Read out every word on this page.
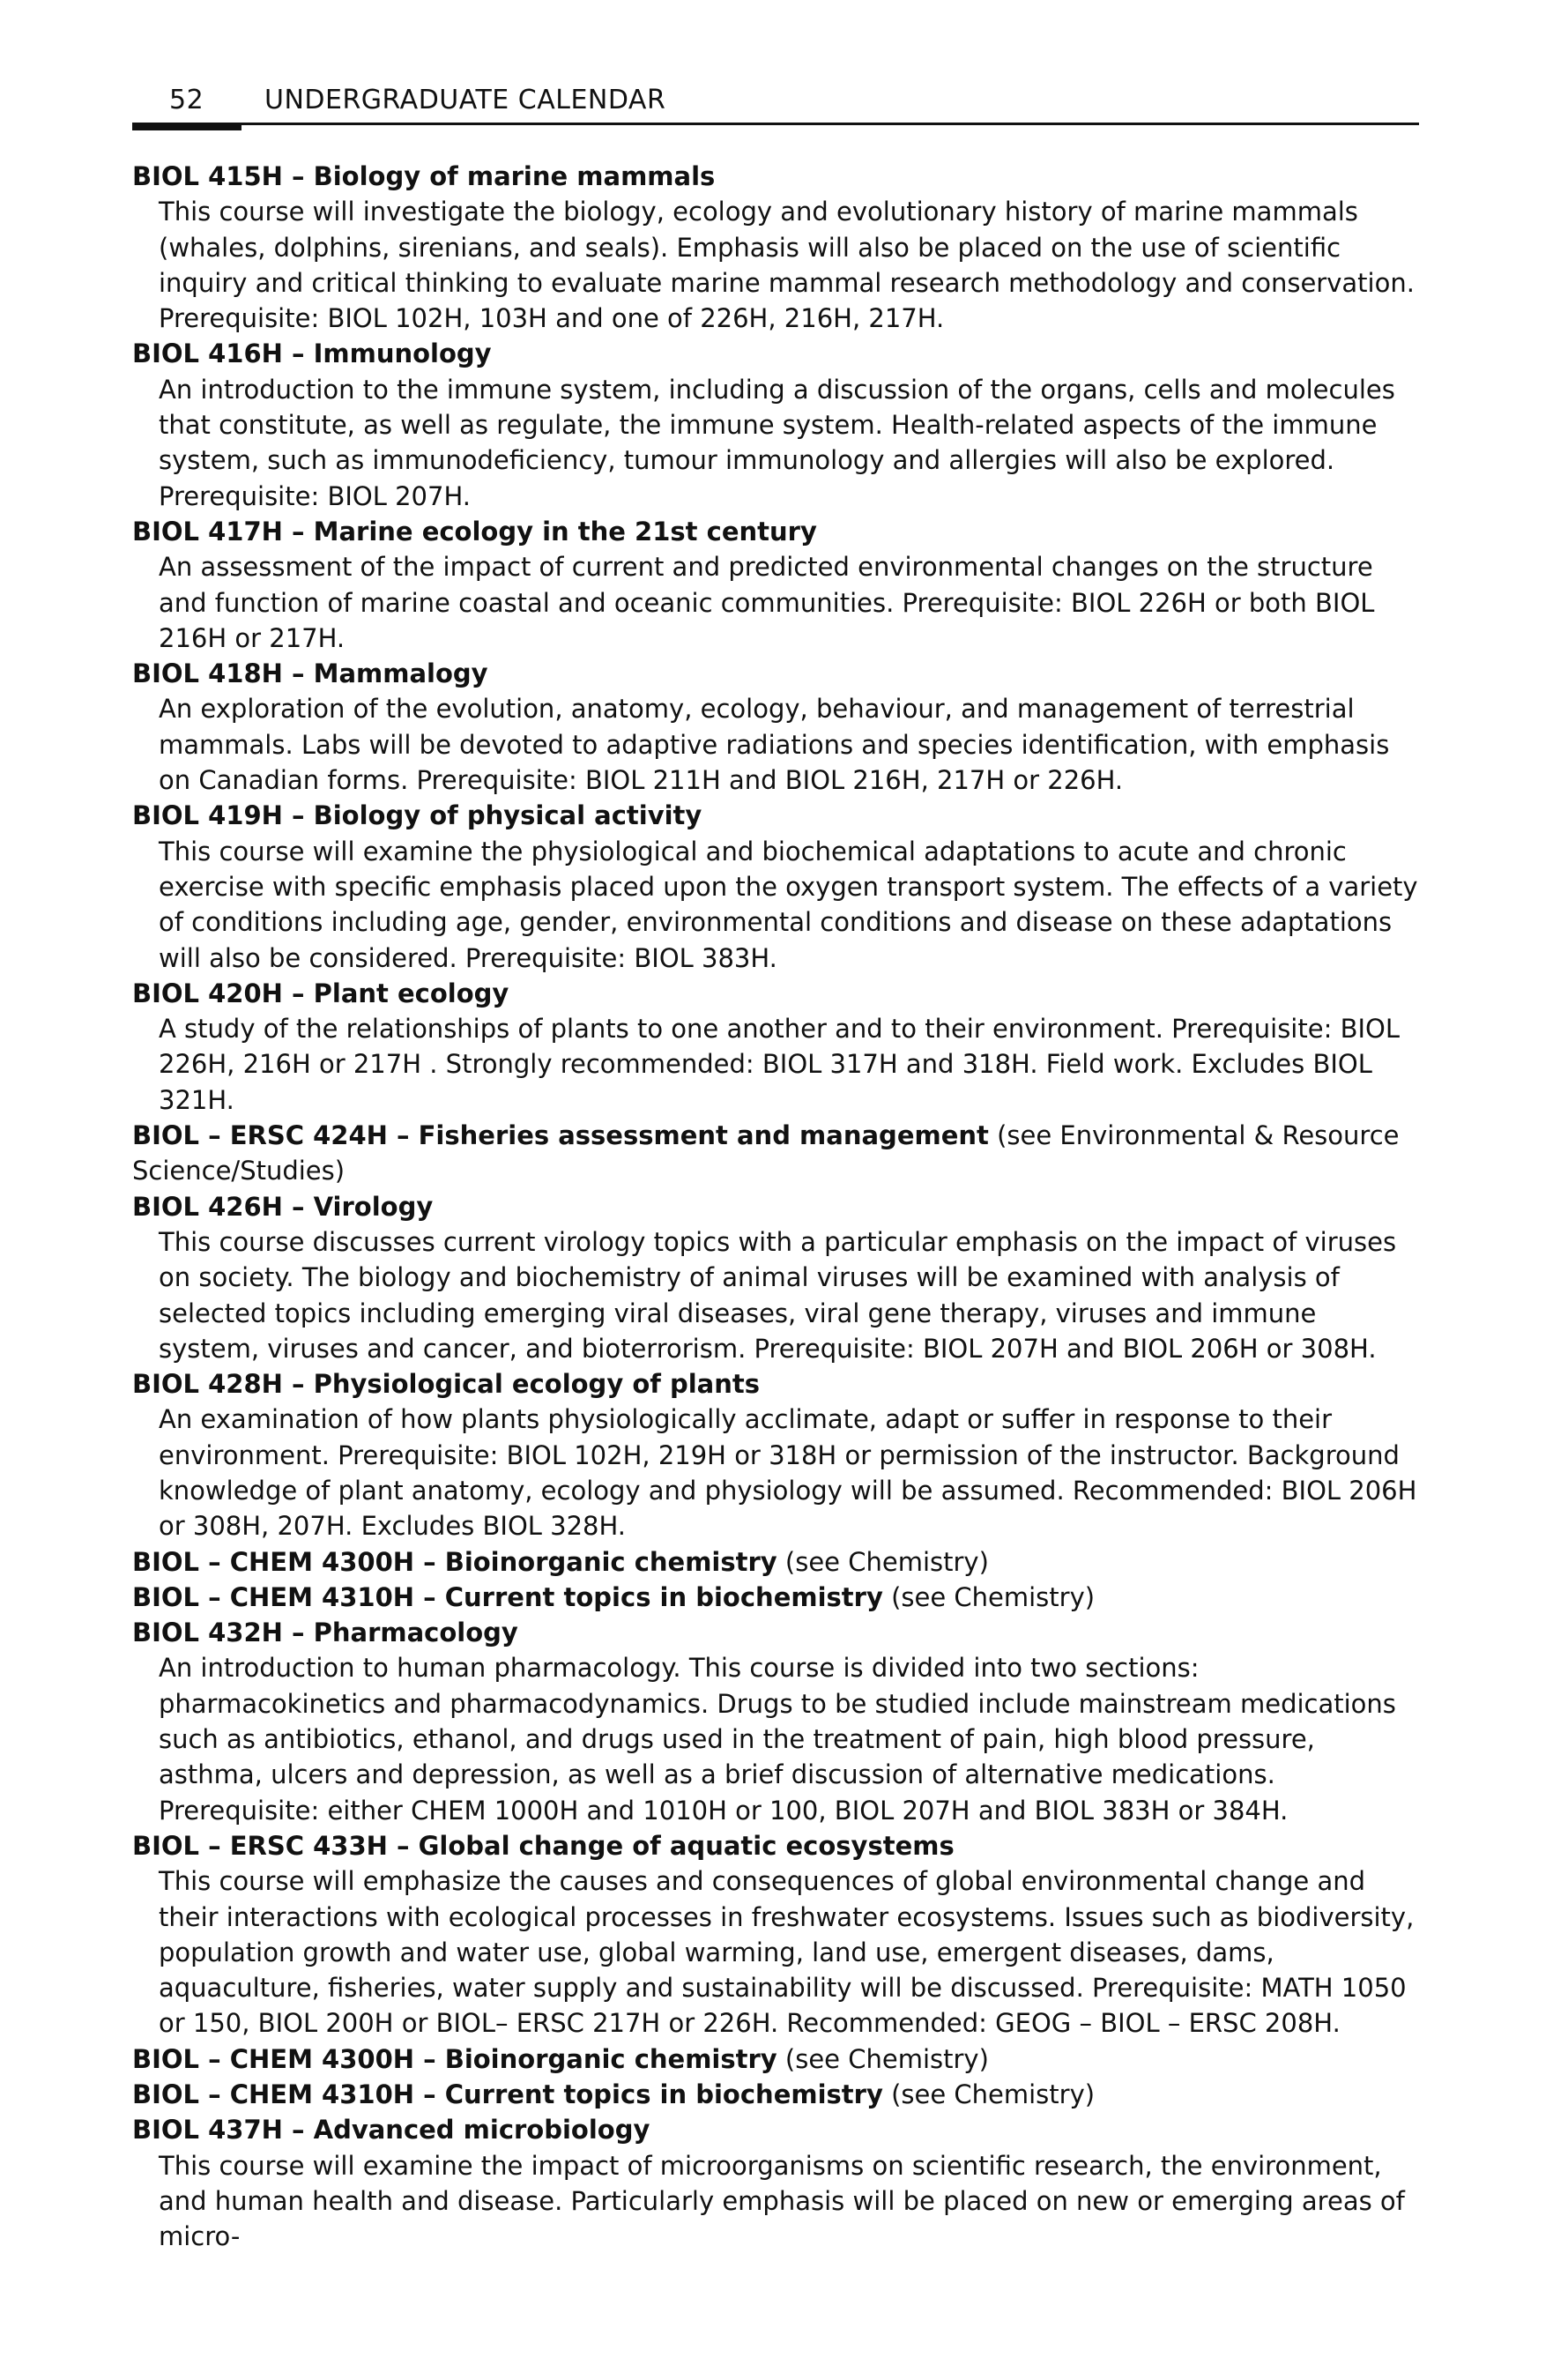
52 UNDERGRADUATE CALENDAR

BIOL 415H – Biology of marine mammals

This course will investigate the biology, ecology and evolutionary history of marine mammals (whales, dolphins, sirenians, and seals). Emphasis will also be placed on the use of scientific inquiry and critical thinking to evaluate marine mammal research methodology and conservation. Prerequisite: BIOL 102H, 103H and one of 226H, 216H, 217H.

BIOL 416H – Immunology

An introduction to the immune system, including a discussion of the organs, cells and molecules that constitute, as well as regulate, the immune system. Health-related aspects of the immune system, such as immunodeficiency, tumour immunology and allergies will also be explored. Prerequisite: BIOL 207H.

BIOL 417H – Marine ecology in the 21st century

An assessment of the impact of current and predicted environmental changes on the structure and function of marine coastal and oceanic communities. Prerequisite: BIOL 226H or both BIOL 216H or 217H.

BIOL 418H – Mammalogy

An exploration of the evolution, anatomy, ecology, behaviour, and management of terrestrial mammals. Labs will be devoted to adaptive radiations and species identification, with emphasis on Canadian forms. Prerequisite: BIOL 211H and BIOL 216H, 217H or 226H.

BIOL 419H – Biology of physical activity

This course will examine the physiological and biochemical adaptations to acute and chronic exercise with specific emphasis placed upon the oxygen transport system. The effects of a variety of conditions including age, gender, environmental conditions and disease on these adaptations will also be considered. Prerequisite: BIOL 383H.

BIOL 420H – Plant ecology

A study of the relationships of plants to one another and to their environment. Prerequisite: BIOL 226H, 216H or 217H . Strongly recommended: BIOL 317H and 318H. Field work. Excludes BIOL 321H.

BIOL – ERSC 424H – Fisheries assessment and management (see Environmental & Resource Science/Studies)

BIOL 426H – Virology

This course discusses current virology topics with a particular emphasis on the impact of viruses on society. The biology and biochemistry of animal viruses will be examined with analysis of selected topics including emerging viral diseases, viral gene therapy, viruses and immune system, viruses and cancer, and bioterrorism. Prerequisite: BIOL 207H and BIOL 206H or 308H.

BIOL 428H – Physiological ecology of plants

An examination of how plants physiologically acclimate, adapt or suffer in response to their environment. Prerequisite: BIOL 102H, 219H or 318H or permission of the instructor. Background knowledge of plant anatomy, ecology and physiology will be assumed. Recommended: BIOL 206H or 308H, 207H. Excludes BIOL 328H.

BIOL – CHEM 4300H – Bioinorganic chemistry (see Chemistry)

BIOL – CHEM 4310H – Current topics in biochemistry (see Chemistry)

BIOL 432H – Pharmacology

An introduction to human pharmacology. This course is divided into two sections: pharmacokinetics and pharmacodynamics. Drugs to be studied include mainstream medications such as antibiotics, ethanol, and drugs used in the treatment of pain, high blood pressure, asthma, ulcers and depression, as well as a brief discussion of alternative medications. Prerequisite: either CHEM 1000H and 1010H or 100, BIOL 207H and BIOL 383H or 384H.

BIOL – ERSC 433H – Global change of aquatic ecosystems

This course will emphasize the causes and consequences of global environmental change and their interactions with ecological processes in freshwater ecosystems. Issues such as biodiversity, population growth and water use, global warming, land use, emergent diseases, dams, aquaculture, fisheries, water supply and sustainability will be discussed. Prerequisite: MATH 1050 or 150, BIOL 200H or BIOL– ERSC 217H or 226H. Recommended: GEOG – BIOL – ERSC 208H.

BIOL – CHEM 4300H – Bioinorganic chemistry (see Chemistry)

BIOL – CHEM 4310H – Current topics in biochemistry (see Chemistry)

BIOL 437H – Advanced microbiology

This course will examine the impact of microorganisms on scientific research, the environment, and human health and disease. Particularly emphasis will be placed on new or emerging areas of micro-
